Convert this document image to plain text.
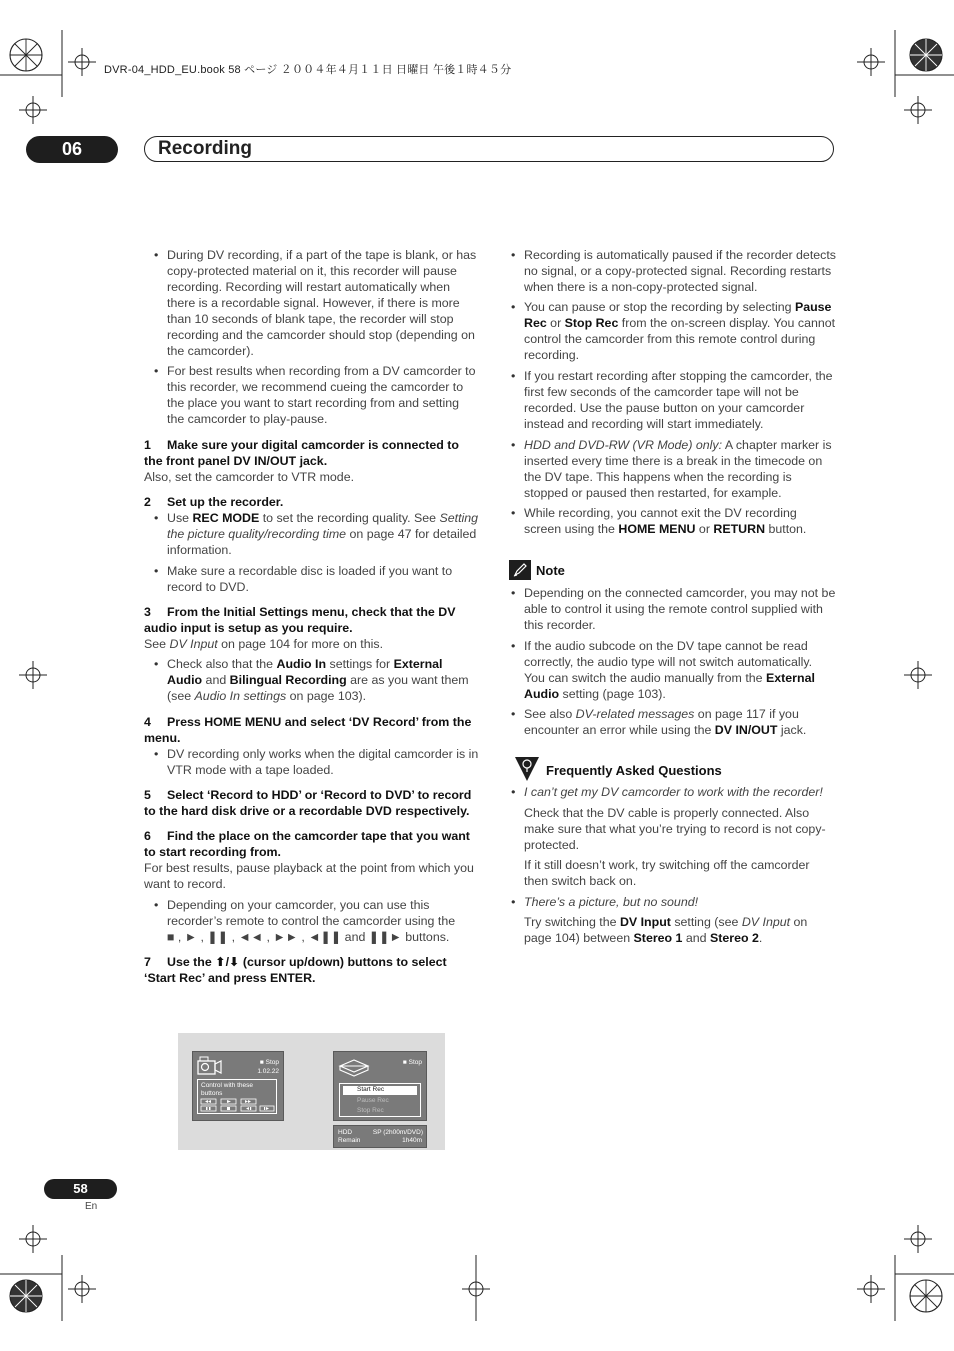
DVR-04_HDD_EU.book 58 ページ ２００４年４月１１日 日曜日 午後１時４５分
06	Recording

• During DV recording, if a part of the tape is blank, or has copy-protected material on it, this recorder will pause recording. Recording will restart automatically when there is a recordable signal. However, if there is more than 10 seconds of blank tape, the recorder will stop recording and the camcorder should stop (depending on the camcorder).

• For best results when recording from a DV camcorder to this recorder, we recommend cueing the camcorder to the place you want to start recording from and setting the camcorder to play-pause.

1 Make sure your digital camcorder is connected to the front panel DV IN/OUT jack.

Also, set the camcorder to VTR mode.

2 Set up the recorder.

• Use REC MODE to set the recording quality. See Setting the picture quality/recording time on page 47 for detailed information.

• Make sure a recordable disc is loaded if you want to record to DVD.

3 From the Initial Settings menu, check that the DV audio input is setup as you require.

See DV Input on page 104 for more on this.

• Check also that the Audio In settings for External Audio and Bilingual Recording are as you want them (see Audio In settings on page 103).

4 Press HOME MENU and select ‘DV Record’ from the menu.

• DV recording only works when the digital camcorder is in VTR mode with a tape loaded.

5 Select ‘Record to HDD’ or ‘Record to DVD’ to record to the hard disk drive or a recordable DVD respectively.

6 Find the place on the camcorder tape that you want to start recording from.

For best results, pause playback at the point from which you want to record.

• Depending on your camcorder, you can use this recorder’s remote to control the camcorder using the
■ , ► , ❚❚ , ◄◄ , ►► , ◄❚❚ and ❚❚► buttons.

7 Use the ⬆/⬇ (cursor up/down) buttons to select ‘Start Rec’ and press ENTER.

■ Stop
1.02.22
Control with these buttons
■ Stop
Start Rec
Pause Rec
Stop Rec
HDD	SP (2h00m/DVD)
Remain	1h40m

• Recording is automatically paused if the recorder detects no signal, or a copy-protected signal. Recording restarts when there is a non-copy-protected signal.

• You can pause or stop the recording by selecting Pause Rec or Stop Rec from the on-screen display. You cannot control the camcorder from this remote control during recording.

• If you restart recording after stopping the camcorder, the first few seconds of the camcorder tape will not be recorded. Use the pause button on your camcorder instead and recording will start immediately.

• HDD and DVD-RW (VR Mode) only: A chapter marker is inserted every time there is a break in the timecode on the DV tape. This happens when the recording is stopped or paused then restarted, for example.

• While recording, you cannot exit the DV recording screen using the HOME MENU or RETURN button.

Note

• Depending on the connected camcorder, you may not be able to control it using the remote control supplied with this recorder.

• If the audio subcode on the DV tape cannot be read correctly, the audio type will not switch automatically. You can switch the audio manually from the External Audio setting (page 103).

• See also DV-related messages on page 117 if you encounter an error while using the DV IN/OUT jack.

Frequently Asked Questions

• I can’t get my DV camcorder to work with the recorder!

Check that the DV cable is properly connected. Also make sure that what you’re trying to record is not copy-protected.

If it still doesn’t work, try switching off the camcorder then switch back on.

• There’s a picture, but no sound!

Try switching the DV Input setting (see DV Input on page 104) between Stereo 1 and Stereo 2.

58
En
